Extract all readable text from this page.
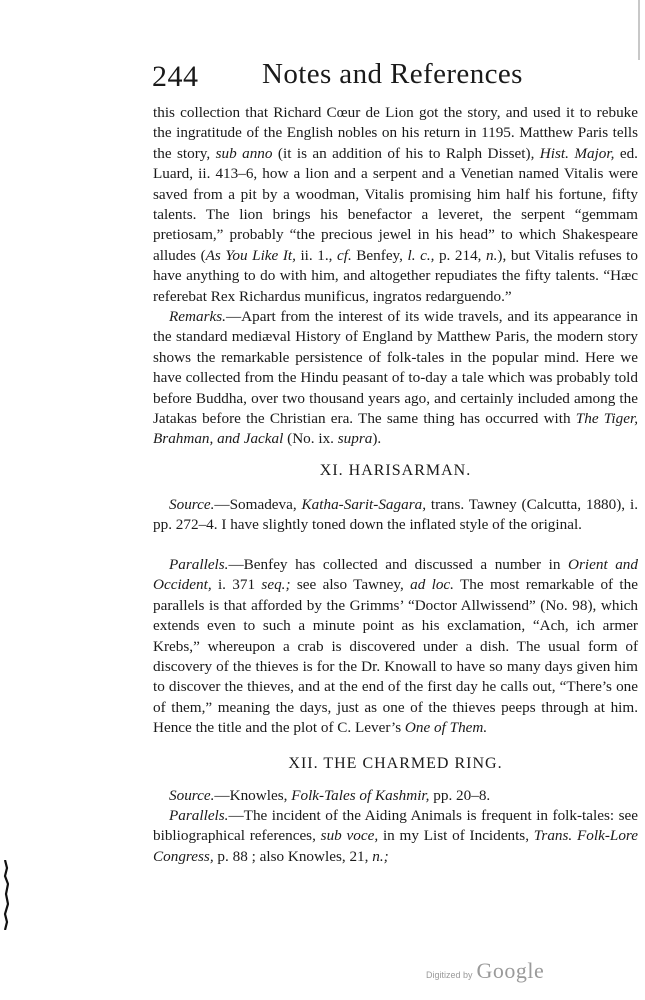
244 Notes and References

this collection that Richard Cœur de Lion got the story, and used it to rebuke the ingratitude of the English nobles on his return in 1195. Matthew Paris tells the story, sub anno (it is an addition of his to Ralph Disset), Hist. Major, ed. Luard, ii. 413–6, how a lion and a serpent and a Venetian named Vitalis were saved from a pit by a woodman, Vitalis promising him half his fortune, fifty talents. The lion brings his benefactor a leveret, the serpent “gemmam pretiosam,” probably “the precious jewel in his head” to which Shakespeare alludes (As You Like It, ii. 1., cf. Benfey, l. c., p. 214, n.), but Vitalis refuses to have anything to do with him, and altogether repudiates the fifty talents. “Hæc referebat Rex Richardus munificus, ingratos redarguendo.”

Remarks.—Apart from the interest of its wide travels, and its appearance in the standard mediæval History of England by Matthew Paris, the modern story shows the remarkable persistence of folk-tales in the popular mind. Here we have collected from the Hindu peasant of to-day a tale which was probably told before Buddha, over two thousand years ago, and certainly included among the Jatakas before the Christian era. The same thing has occurred with The Tiger, Brahman, and Jackal (No. ix. supra).

XI. HARISARMAN.

Source.—Somadeva, Katha-Sarit-Sagara, trans. Tawney (Calcutta, 1880), i. pp. 272–4. I have slightly toned down the inflated style of the original.

Parallels.—Benfey has collected and discussed a number in Orient and Occident, i. 371 seq.; see also Tawney, ad loc. The most remarkable of the parallels is that afforded by the Grimms’ “Doctor Allwissend” (No. 98), which extends even to such a minute point as his exclamation, “Ach, ich armer Krebs,” whereupon a crab is discovered under a dish. The usual form of discovery of the thieves is for the Dr. Knowall to have so many days given him to discover the thieves, and at the end of the first day he calls out, “There’s one of them,” meaning the days, just as one of the thieves peeps through at him. Hence the title and the plot of C. Lever’s One of Them.

XII. THE CHARMED RING.

Source.—Knowles, Folk-Tales of Kashmir, pp. 20–8.

Parallels.—The incident of the Aiding Animals is frequent in folk-tales: see bibliographical references, sub voce, in my List of Incidents, Trans. Folk-Lore Congress, p. 88 ; also Knowles, 21, n.;

Digitized by Google
